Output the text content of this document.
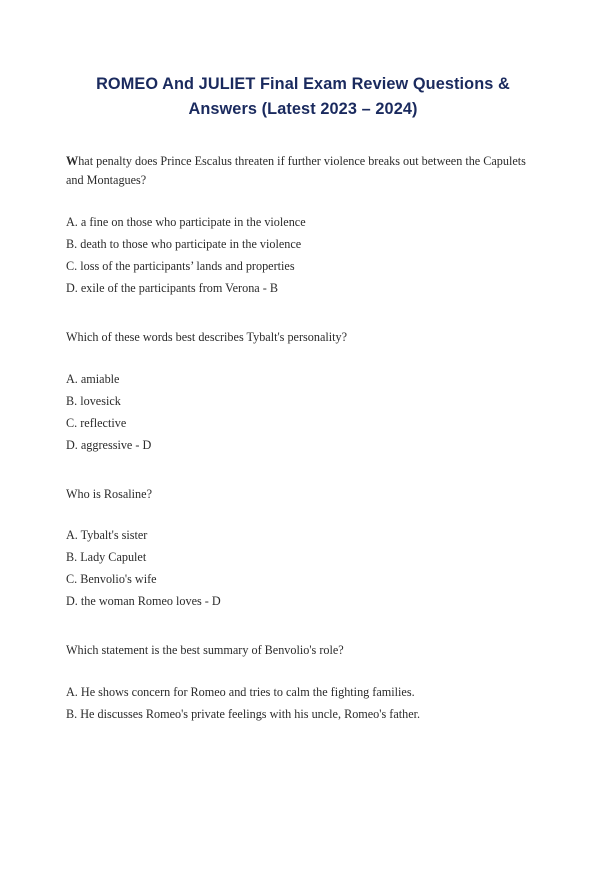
ROMEO And JULIET Final Exam Review Questions & Answers (Latest 2023 – 2024)

What penalty does Prince Escalus threaten if further violence breaks out between the Capulets and Montagues?

A. a fine on those who participate in the violence

B. death to those who participate in the violence

C. loss of the participants’ lands and properties

D. exile of the participants from Verona - B

Which of these words best describes Tybalt's personality?

A. amiable

B. lovesick

C. reflective

D. aggressive - D

Who is Rosaline?

A. Tybalt's sister

B. Lady Capulet

C. Benvolio's wife

D. the woman Romeo loves - D

Which statement is the best summary of Benvolio's role?

A. He shows concern for Romeo and tries to calm the fighting families.

B. He discusses Romeo's private feelings with his uncle, Romeo's father.
